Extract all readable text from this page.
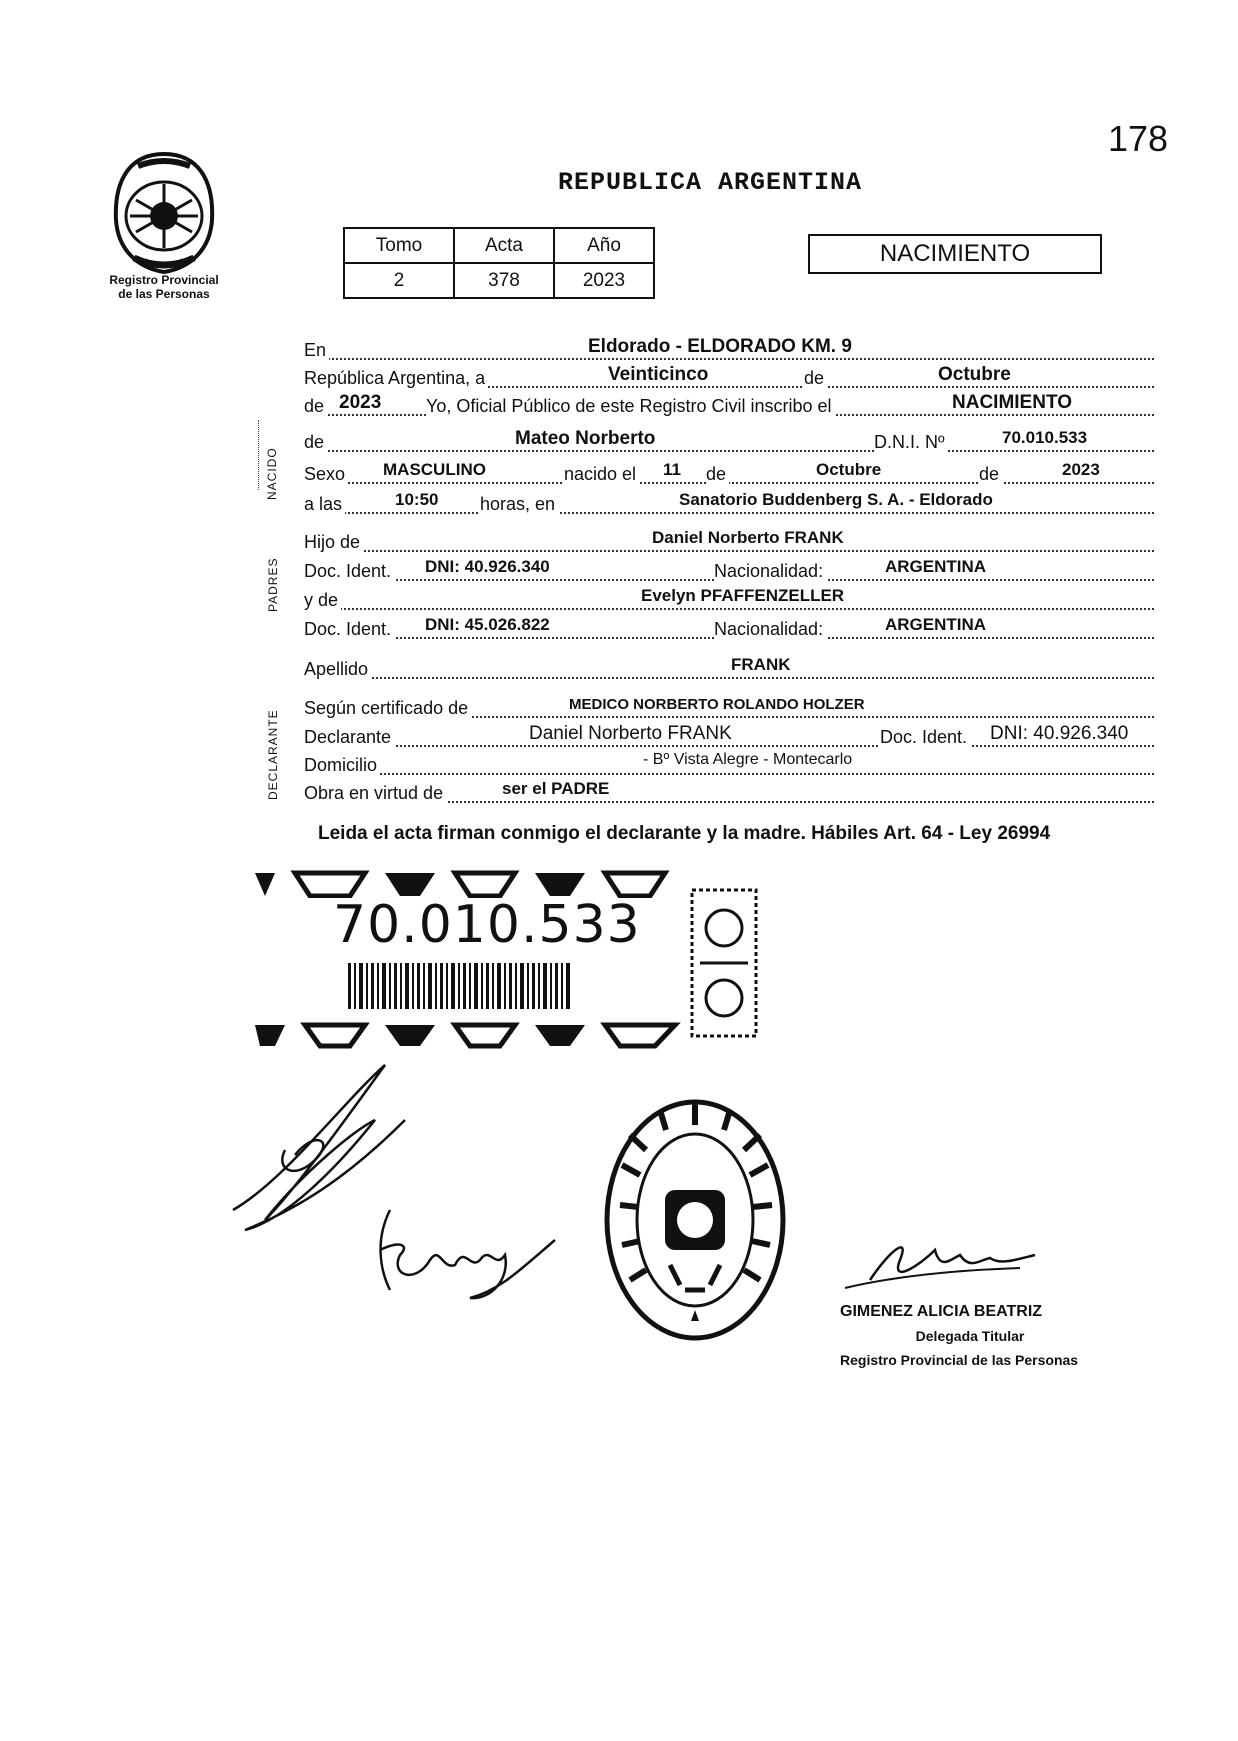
178
REPUBLICA ARGENTINA
Registro Provincial
de las Personas
Tomo	Acta	Año
2	378	2023
NACIMIENTO
NACIDO
PADRES
DECLARANTE
En	Eldorado - ELDORADO KM. 9
República Argentina, a	Veinticinco	de	Octubre
de 2023 Yo, Oficial Público de este Registro Civil inscribo el	NACIMIENTO
de	Mateo Norberto	D.N.I. Nº	70.010.533
Sexo MASCULINO	nacido el 11 de	Octubre	de	2023
a las	10:50 horas, en	Sanatorio Buddenberg S. A. - Eldorado
Hijo de	Daniel Norberto FRANK
Doc. Ident. DNI: 40.926.340	Nacionalidad:	ARGENTINA
y de	Evelyn PFAFFENZELLER
Doc. Ident. DNI: 45.026.822	Nacionalidad:	ARGENTINA
Apellido	FRANK
Según certificado de	MEDICO NORBERTO ROLANDO HOLZER
Declarante	Daniel Norberto FRANK	Doc. Ident. DNI: 40.926.340
Domicilio	- Bº Vista Alegre - Montecarlo
Obra en virtud de	ser el PADRE
Leida el acta firman conmigo el declarante y la madre. Hábiles Art. 64 - Ley 26994
70.010.533
GIMENEZ ALICIA BEATRIZ
Delegada Titular
Registro Provincial de las Personas
